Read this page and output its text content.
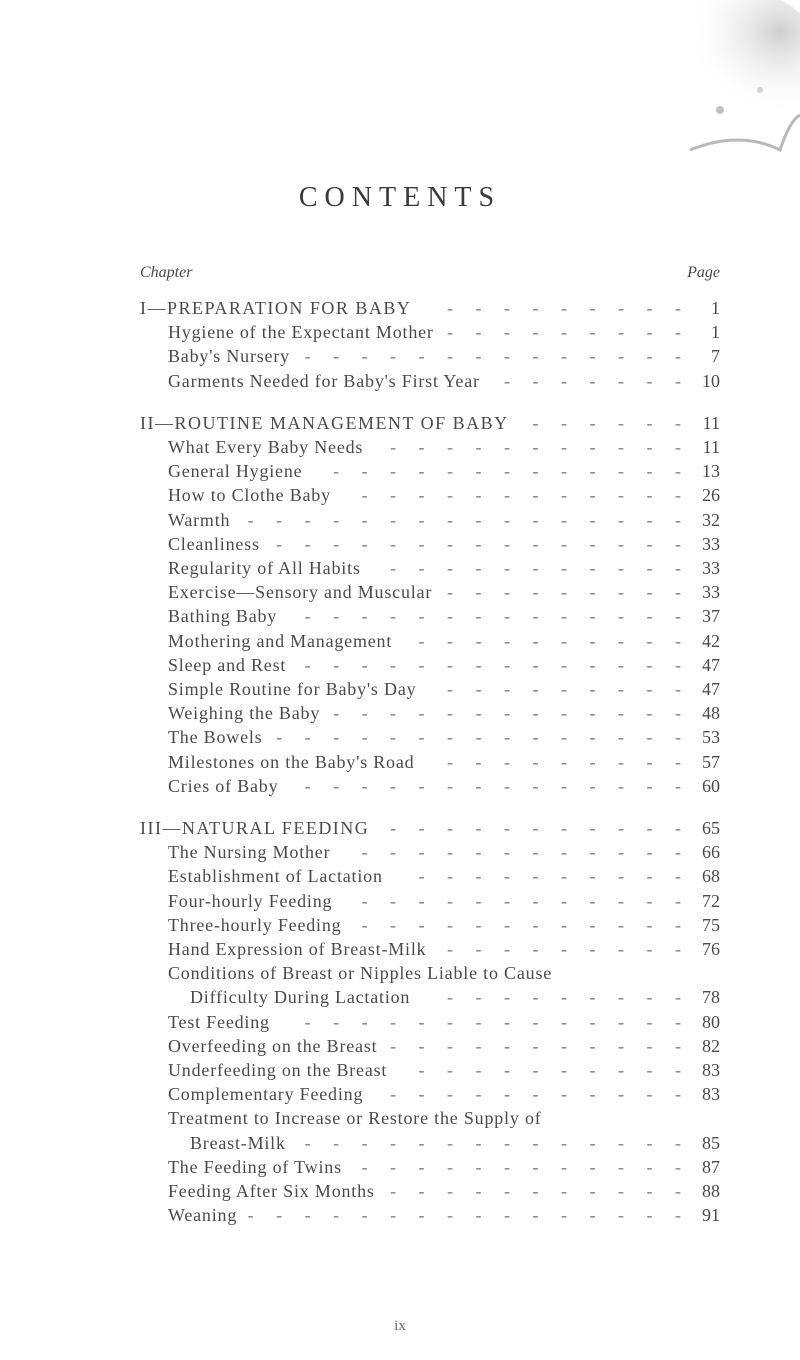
CONTENTS
Chapter	Page
- - - - - - - - -
I—PREPARATION FOR BABY	1
- - - - - - - - -
Hygiene of the Expectant Mother	1
- - - - - - - - - - - - - -
Baby's Nursery	7
- - - - - - -
Garments Needed for Baby's First Year	10
- - - - - -
II—ROUTINE MANAGEMENT OF BABY	11
- - - - - - - - - - -
What Every Baby Needs	11
- - - - - - - - - - - - -
General Hygiene	13
- - - - - - - - - - - -
How to Clothe Baby	26
- - - - - - - - - - - - - - - -
Warmth	32
- - - - - - - - - - - - - - -
Cleanliness	33
- - - - - - - - - - -
Regularity of All Habits	33
- - - - - - - - -
Exercise—Sensory and Muscular	33
- - - - - - - - - - - - - -
Bathing Baby	37
- - - - - - - - - -
Mothering and Management	42
- - - - - - - - - - - - - -
Sleep and Rest	47
- - - - - - - - -
Simple Routine for Baby's Day	47
- - - - - - - - - - - - -
Weighing the Baby	48
- - - - - - - - - - - - - - -
The Bowels	53
- - - - - - - - -
Milestones on the Baby's Road	57
- - - - - - - - - - - - - -
Cries of Baby	60
- - - - - - - - - - -
III—NATURAL FEEDING	65
- - - - - - - - - - - -
The Nursing Mother	66
- - - - - - - - - -
Establishment of Lactation	68
- - - - - - - - - - - -
Four-hourly Feeding	72
- - - - - - - - - - - -
Three-hourly Feeding	75
- - - - - - - - -
Hand Expression of Breast-Milk	76
Conditions of Breast or Nipples Liable to Cause
- - - - - - - - -
Difficulty During Lactation	78
- - - - - - - - - - - - - -
Test Feeding	80
- - - - - - - - - - -
Overfeeding on the Breast	82
- - - - - - - - - -
Underfeeding on the Breast	83
- - - - - - - - - - -
Complementary Feeding	83
Treatment to Increase or Restore the Supply of
- - - - - - - - - - - - - -
Breast-Milk	85
- - - - - - - - - - - -
The Feeding of Twins	87
- - - - - - - - - - -
Feeding After Six Months	88
- - - - - - - - - - - - - - - -
Weaning	91
ix
